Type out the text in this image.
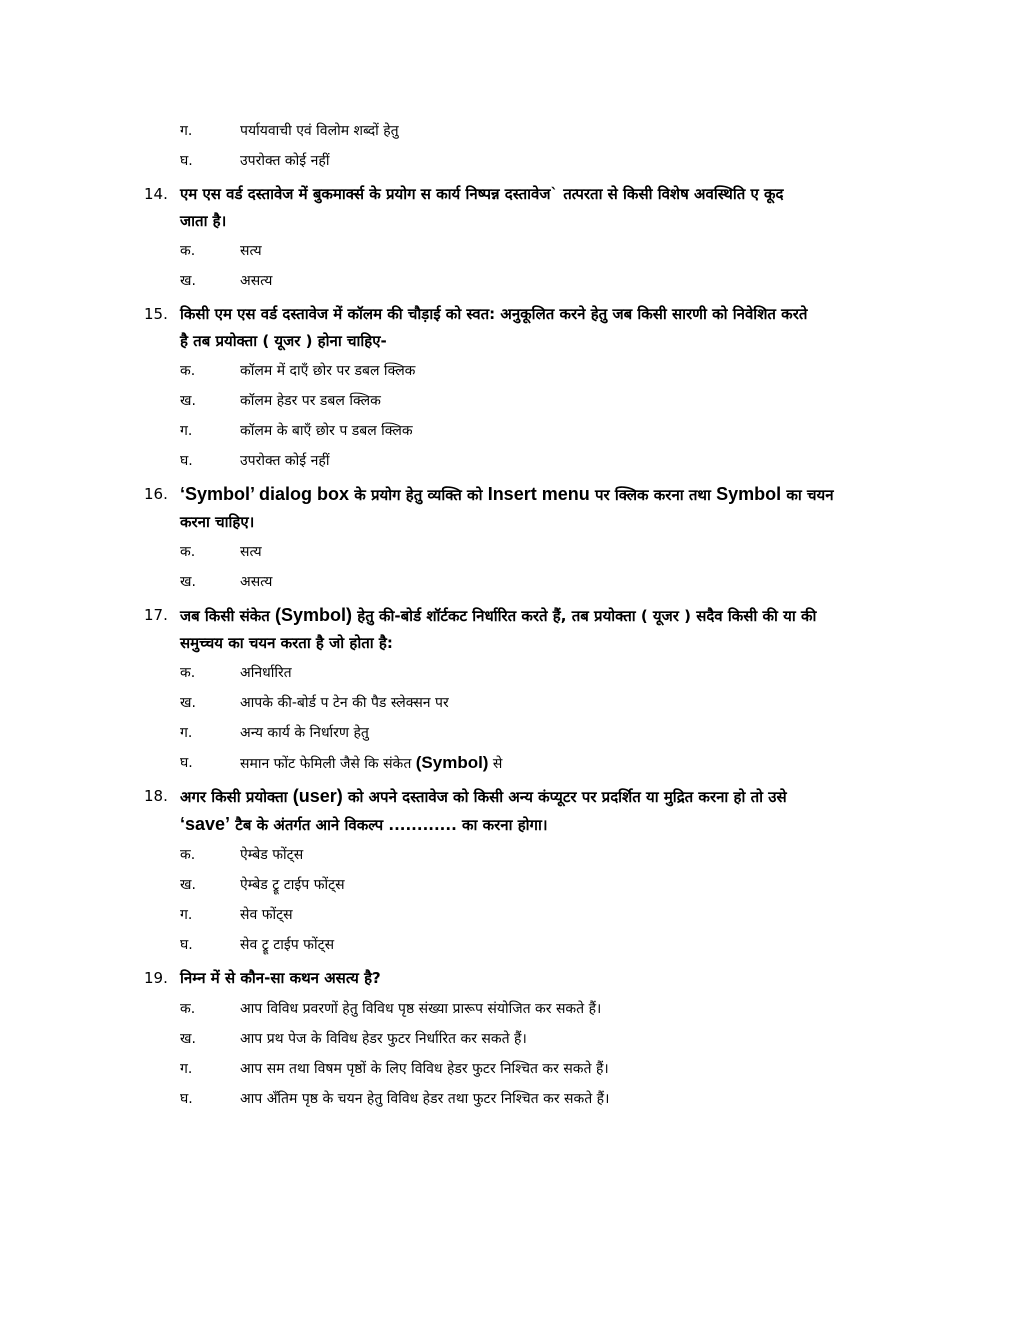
ग.	पर्यायवाची एवं विलोम शब्दों हेतु
घ.	उपरोक्त कोई नहीं
14. एम एस वर्ड दस्तावेज में बुकमार्क्स के प्रयोग स कार्य निष्पन्न दस्तावेज` तत्परता से किसी विशेष अवस्थिति ए कूद
जाता है।
क.	सत्य
ख.	असत्य
15. किसी एम एस वर्ड दस्तावेज में कॉलम की चौड़ाई को स्वत: अनुकूलित करने हेतु जब किसी सारणी को निवेशित करते
है तब प्रयोक्ता ( यूजर ) होना चाहिए-
क.	कॉलम में दाएँ छोर पर डबल क्लिक
ख.	कॉलम हेडर पर डबल क्लिक
ग.	कॉलम के बाएँ छोर प डबल क्लिक
घ.	उपरोक्त कोई नहीं
16. ‘Symbol’ dialog box के प्रयोग हेतु व्यक्ति को Insert menu पर क्लिक करना तथा Symbol का चयन
करना चाहिए।
क.	सत्य
ख.	असत्य
17. जब किसी संकेत (Symbol) हेतु की-बोर्ड शॉर्टकट निर्धारित करते हैं, तब प्रयोक्ता ( यूजर ) सदैव किसी की या की
समुच्चय का चयन करता है जो होता है:
क.	अनिर्धारित
ख.	आपके की-बोर्ड प टेन की पैड स्लेक्सन पर
ग.	अन्य कार्य के निर्धारण हेतु
घ.	समान फोंट फेमिली जैसे कि संकेत (Symbol) से
18. अगर किसी प्रयोक्ता (user) को अपने दस्तावेज को किसी अन्य कंप्यूटर पर प्रदर्शित या मुद्रित करना हो तो उसे
‘save’ टैब के अंतर्गत आने विकल्प ............ का करना होगा।
क.	ऐम्बेड फोंट्स
ख.	ऐम्बेड ट्रू टाईप फोंट्स
ग.	सेव फोंट्स
घ.	सेव ट्रू टाईप फोंट्स
19. निम्न में से कौन-सा कथन असत्य है?
क.	आप विविध प्रवरणों हेतु विविध पृष्ठ संख्या प्रारूप संयोजित कर सकते हैं।
ख.	आप प्रथ पेज के विविध हेडर फुटर निर्धारित कर सकते हैं।
ग.	आप सम तथा विषम पृष्ठों के लिए विविध हेडर फुटर निश्चित कर सकते हैं।
घ.	आप अँतिम पृष्ठ के चयन हेतु विविध हेडर तथा फुटर निश्चित कर सकते हैं।
